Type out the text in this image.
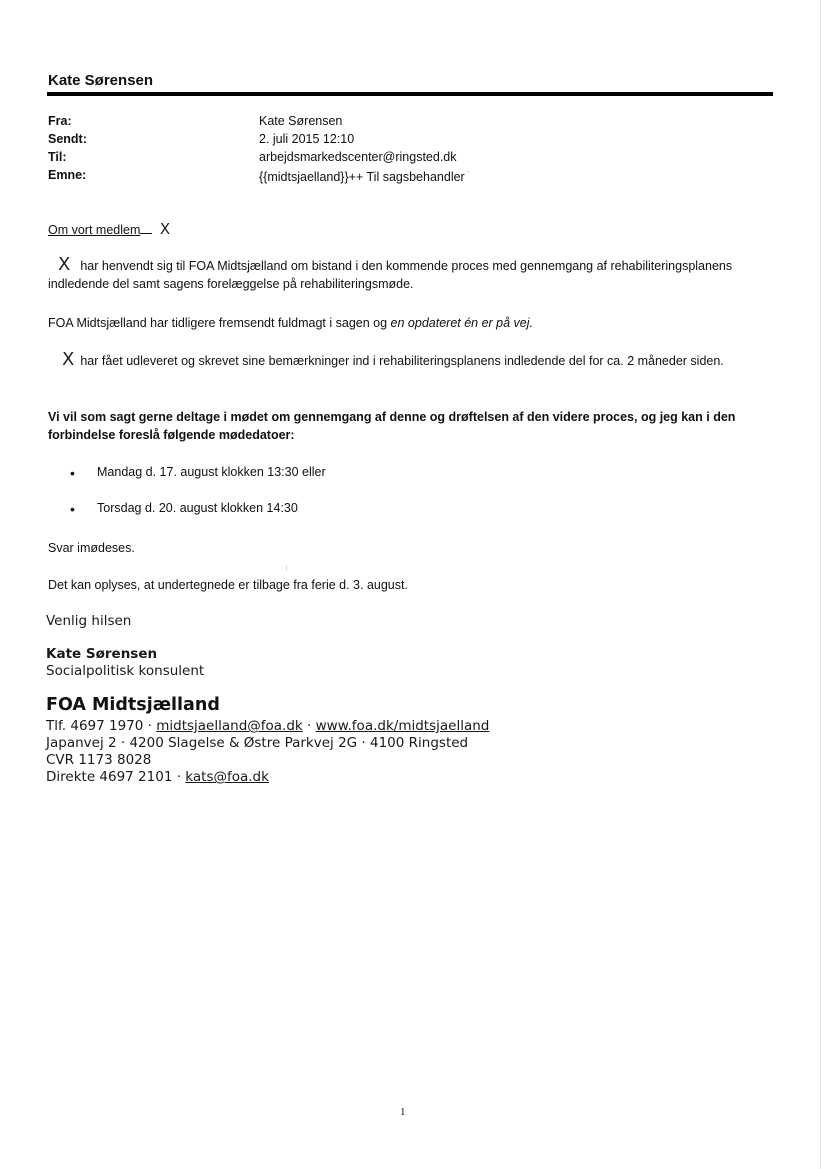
Kate Sørensen
Fra:	Kate Sørensen
Sendt:	2. juli 2015 12:10
Til:	arbejdsmarkedscenter@ringsted.dk
Emne:	{{midtsjaelland}}++ Til sagsbehandler '
Om vort medlem X
X har henvendt sig til FOA Midtsjælland om bistand i den kommende proces med gennemgang af rehabiliteringsplanens indledende del samt sagens forelæggelse på rehabiliteringsmøde.
FOA Midtsjælland har tidligere fremsendt fuldmagt i sagen og en opdateret én er på vej.
X har fået udleveret og skrevet sine bemærkninger ind i rehabiliteringsplanens indledende del for ca. 2 måneder siden.
Vi vil som sagt gerne deltage i mødet om gennemgang af denne og drøftelsen af den videre proces, og jeg kan i den forbindelse foreslå følgende mødedatoer:
•	Mandag d. 17. august klokken 13:30 eller
•	Torsdag d. 20. august klokken 14:30
Svar imødeses.
Det kan oplyses, at undertegnede er tilbage fra ferie d. 3. august.
Venlig hilsen
Kate Sørensen
Socialpolitisk konsulent
FOA Midtsjælland
Tlf. 4697 1970 · midtsjaelland@foa.dk · www.foa.dk/midtsjaelland
Japanvej 2 · 4200 Slagelse & Østre Parkvej 2G · 4100 Ringsted
CVR 1173 8028
Direkte 4697 2101 · kats@foa.dk
1
